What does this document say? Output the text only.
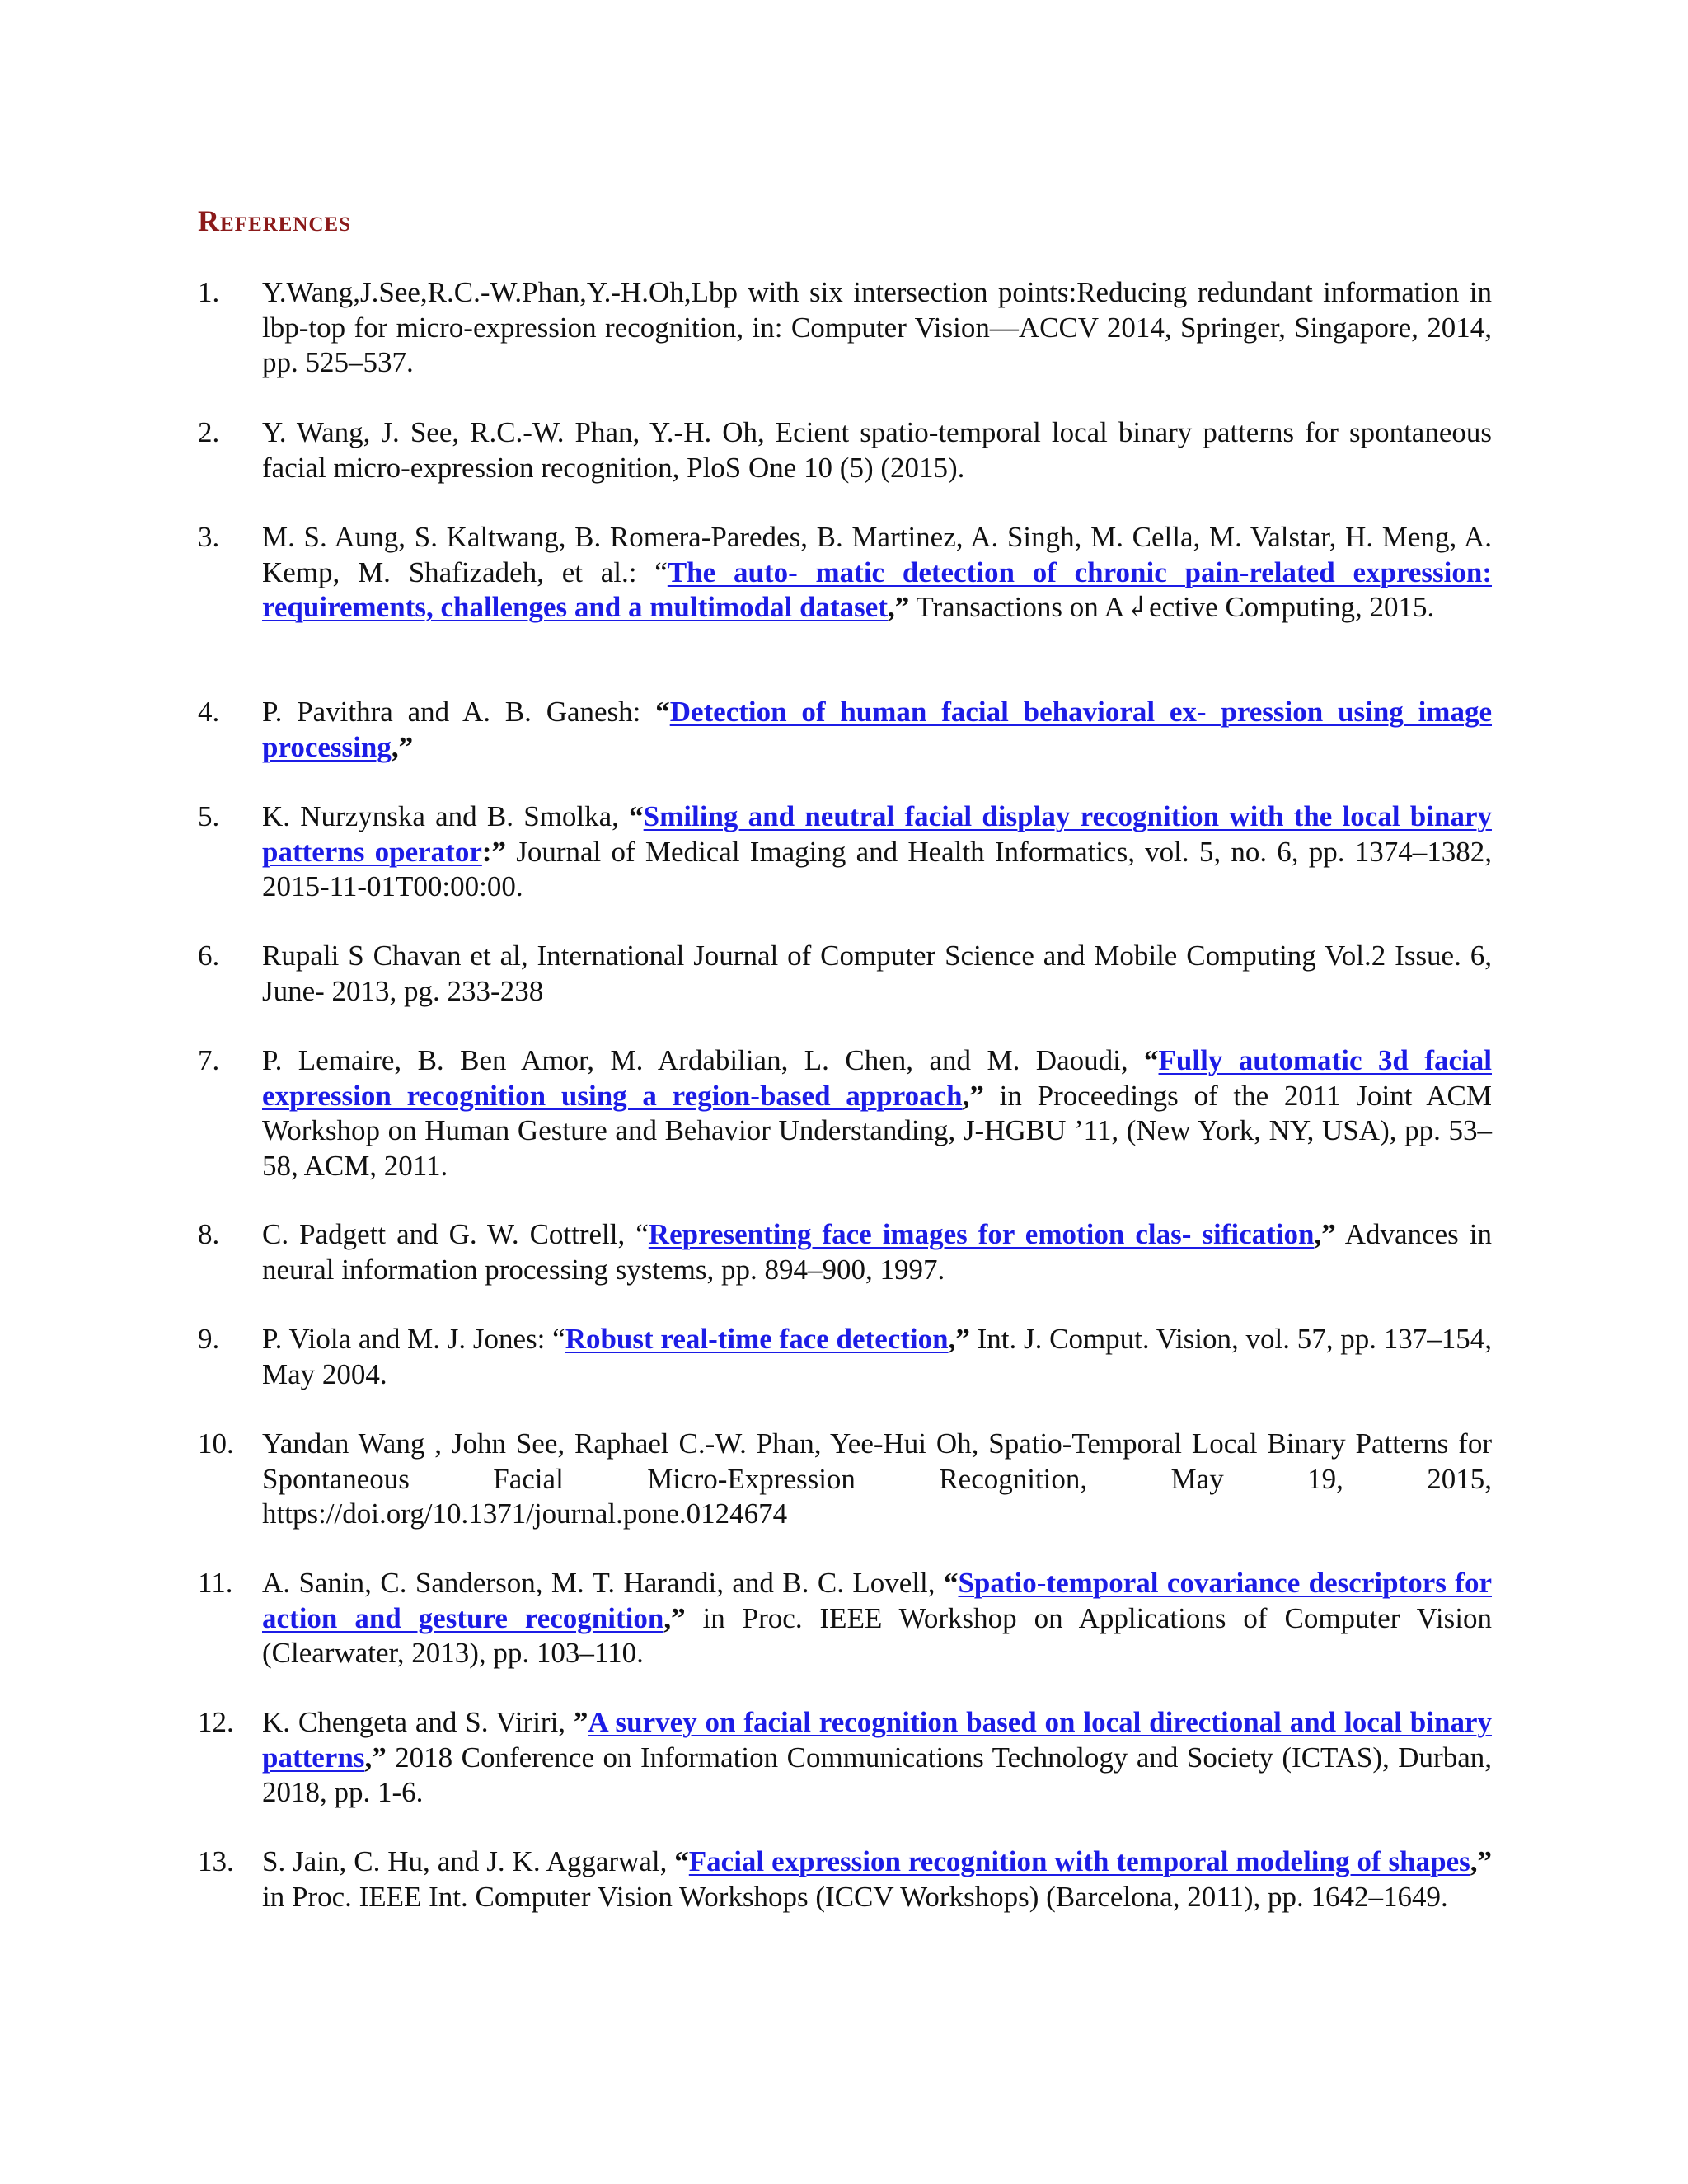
References
1.	Y.Wang,J.See,R.C.-W.Phan,Y.-H.Oh,Lbp with six intersection points:Reducing redundant information in lbp-top for micro-expression recognition, in: Computer Vision—ACCV 2014, Springer, Singapore, 2014, pp. 525–537.
2.	Y. Wang, J. See, R.C.-W. Phan, Y.-H. Oh, Ecient spatio-temporal local binary patterns for spontaneous facial micro-expression recognition, PloS One 10 (5) (2015).
3.	M. S. Aung, S. Kaltwang, B. Romera-Paredes, B. Martinez, A. Singh, M. Cella, M. Valstar, H. Meng, A. Kemp, M. Shafizadeh, et al.: “The auto- matic detection of chronic pain-related expression: requirements, challenges and a multimodal dataset,” Transactions on A↲ective Computing, 2015.
4.	P. Pavithra and A. B. Ganesh: “Detection of human facial behavioral ex- pression using image processing,”
5.	K. Nurzynska and B. Smolka, “Smiling and neutral facial display recognition with the local binary patterns operator:” Journal of Medical Imaging and Health Informatics, vol. 5, no. 6, pp. 1374–1382, 2015-11-01T00:00:00.
6.	Rupali S Chavan et al, International Journal of Computer Science and Mobile Computing Vol.2 Issue. 6, June- 2013, pg. 233-238
7.	P. Lemaire, B. Ben Amor, M. Ardabilian, L. Chen, and M. Daoudi, “Fully automatic 3d facial expression recognition using a region-based approach,” in Proceedings of the 2011 Joint ACM Workshop on Human Gesture and Behavior Understanding, J-HGBU ’11, (New York, NY, USA), pp. 53–58, ACM, 2011.
8.	C. Padgett and G. W. Cottrell, “Representing face images for emotion clas- sification,” Advances in neural information processing systems, pp. 894–900, 1997.
9.	P. Viola and M. J. Jones: “Robust real-time face detection,” Int. J. Comput. Vision, vol. 57, pp. 137–154, May 2004.
10. Yandan Wang , John See, Raphael C.-W. Phan, Yee-Hui Oh, Spatio-Temporal Local Binary Patterns for Spontaneous Facial Micro-Expression Recognition, May 19, 2015, https://doi.org/10.1371/journal.pone.0124674
11.	A. Sanin, C. Sanderson, M. T. Harandi, and B. C. Lovell, “Spatio-temporal covariance descriptors for action and gesture recognition,” in Proc. IEEE Workshop on Applications of Computer Vision (Clearwater, 2013), pp. 103–110.
12. K. Chengeta and S. Viriri, ”A survey on facial recognition based on local directional and local binary patterns,” 2018 Conference on Information Communications Technology and Society (ICTAS), Durban, 2018, pp. 1-6.
13. S. Jain, C. Hu, and J. K. Aggarwal, “Facial expression recognition with temporal modeling of shapes,” in Proc. IEEE Int. Computer Vision Workshops (ICCV Workshops) (Barcelona, 2011), pp. 1642–1649.
